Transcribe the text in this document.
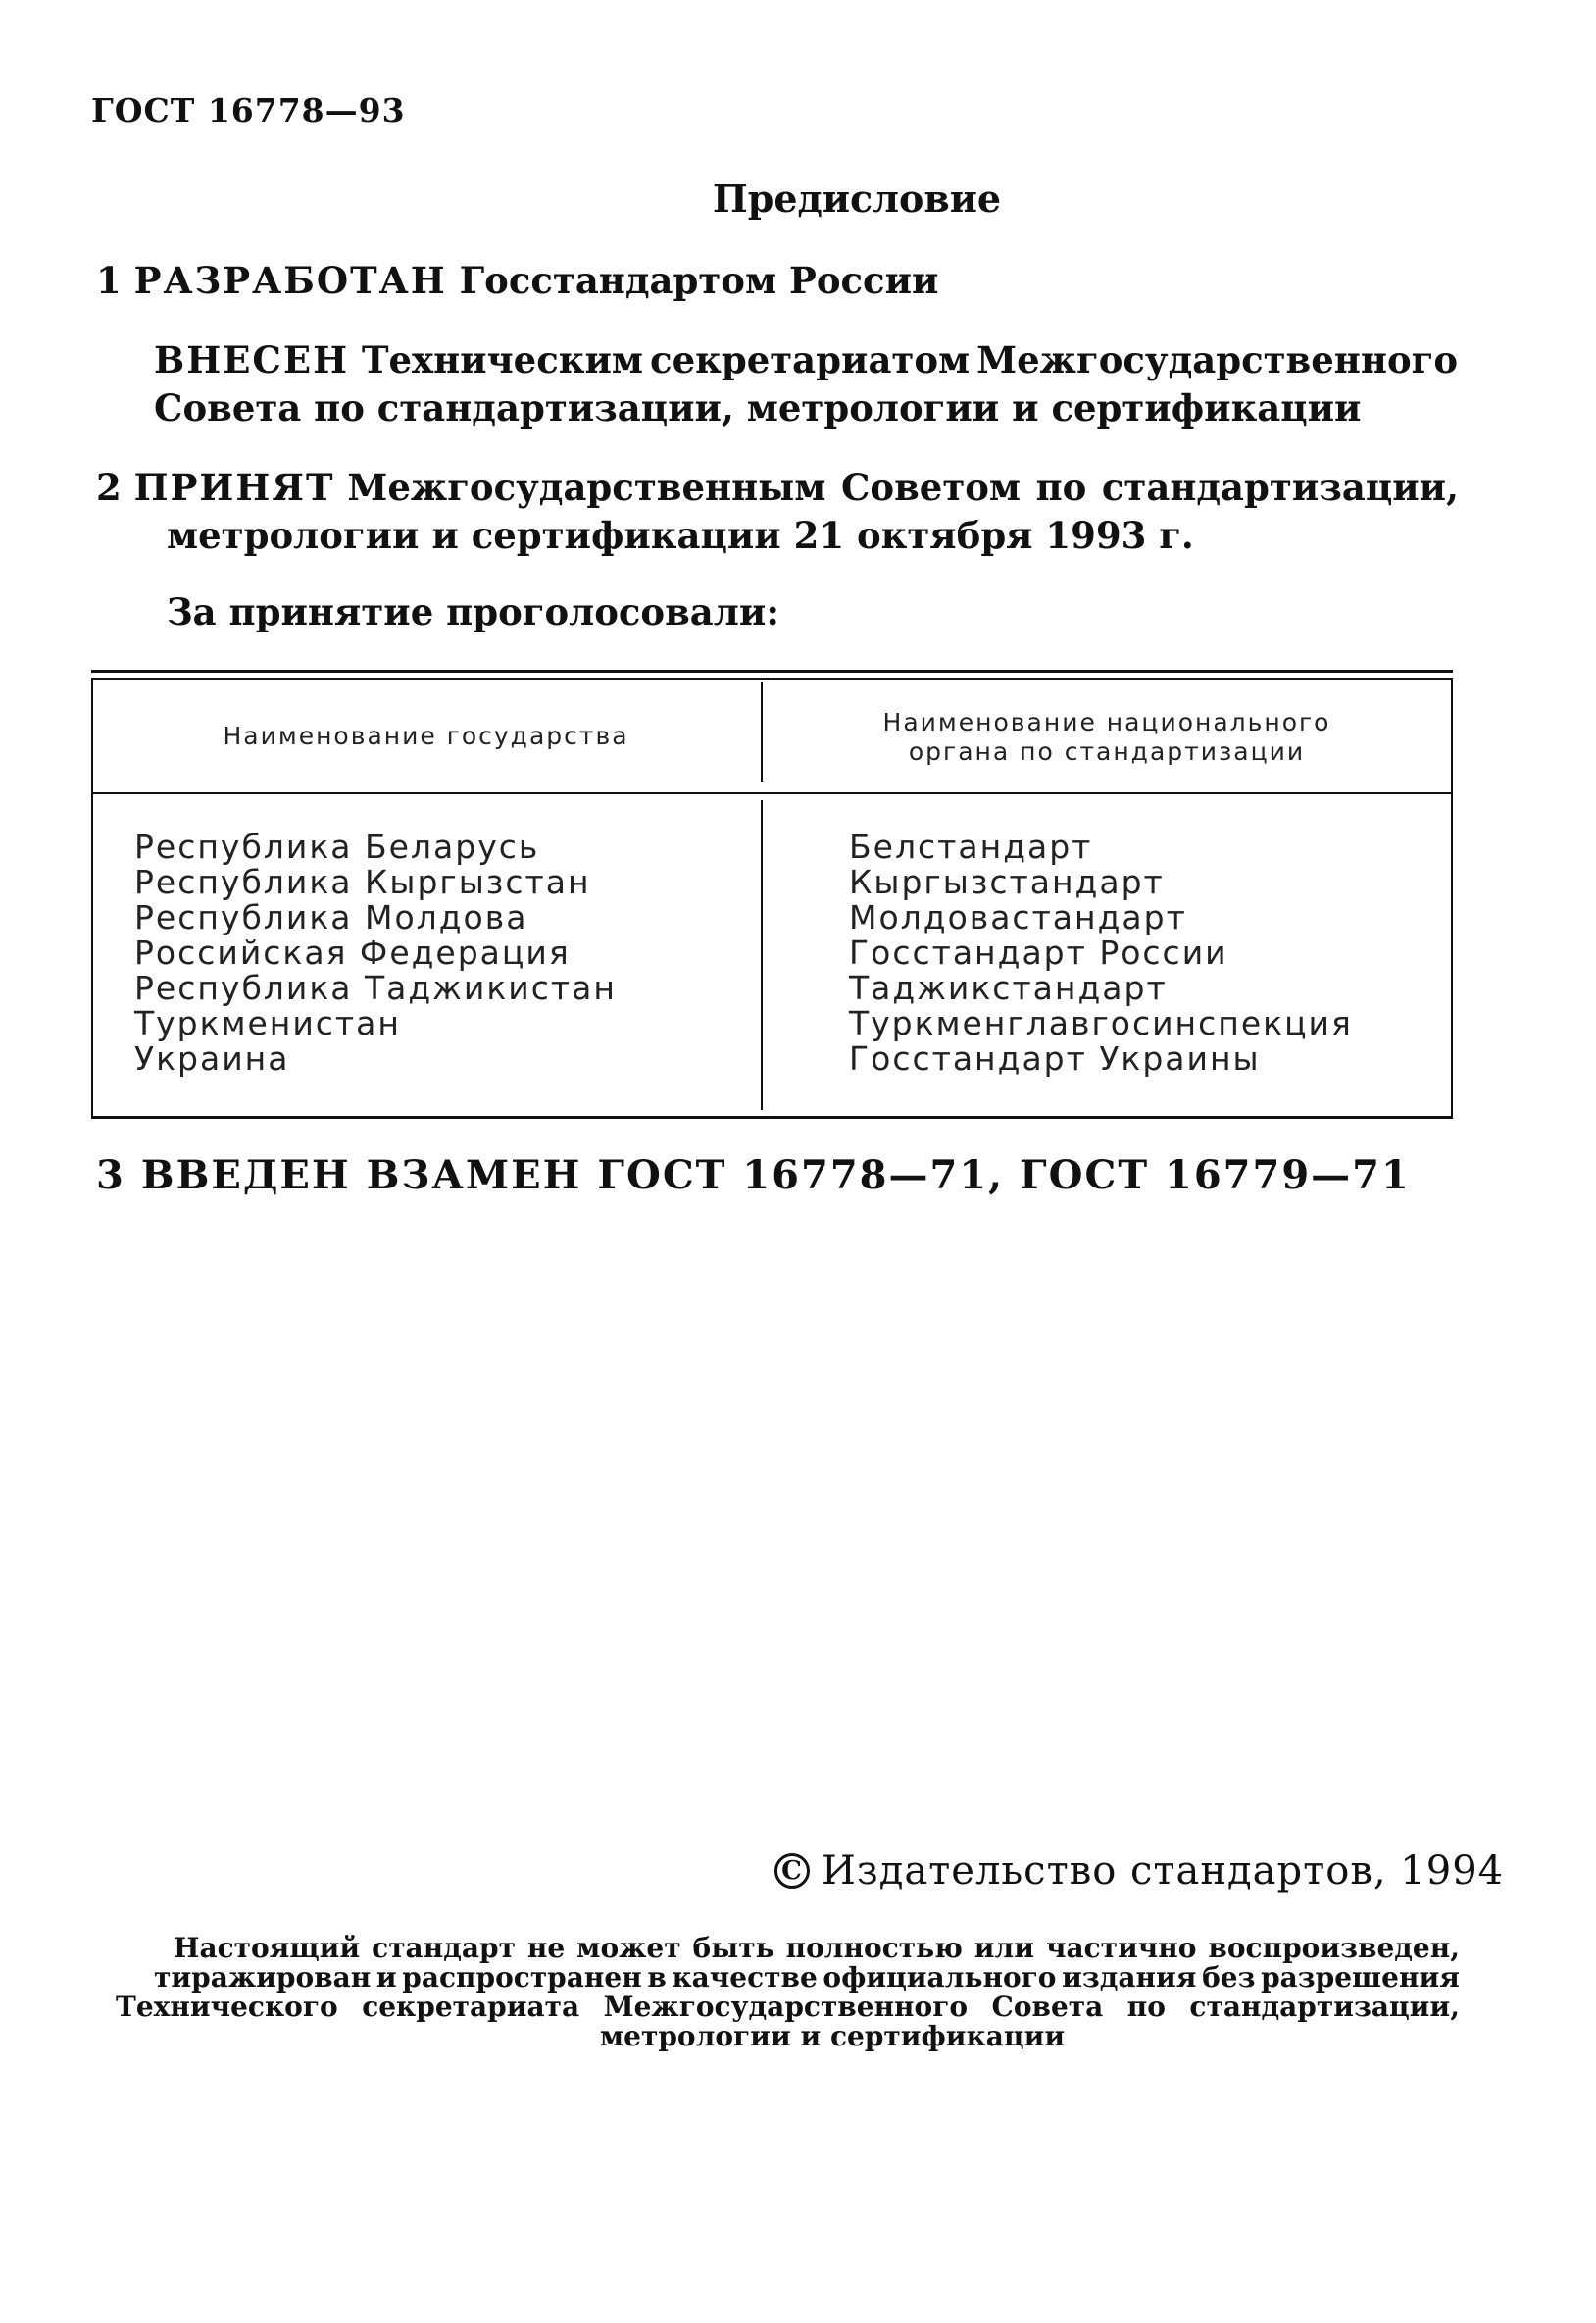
ГОСТ 16778—93
Предисловие
1 РАЗРАБОТАН Госстандартом России
ВНЕСЕН Техническим секретариатом Межгосударственного
Совета по стандартизации, метрологии и сертификации
2 ПРИНЯТ Межгосударственным Советом по стандартизации,
метрологии и сертификации 21 октября 1993 г.
За принятие проголосовали:
Наименование государства	Наименование национального
органа по стандартизации
Республика Беларусь
Республика Кыргызстан
Республика Молдова
Российская Федерация
Республика Таджикистан
Туркменистан
Украина
Белстандарт
Кыргызстандарт
Молдовастандарт
Госстандарт России
Таджикстандарт
Туркменглавгосинспекция
Госстандарт Украины
3 ВВЕДЕН ВЗАМЕН ГОСТ 16778—71, ГОСТ 16779—71
С Издательство стандартов, 1994
Настоящий стандарт не может быть полностью или частично воспроизведен,
тиражирован и распространен в качестве официального издания без разрешения
Технического секретариата Межгосударственного Совета по стандартизации,
метрологии и сертификации
